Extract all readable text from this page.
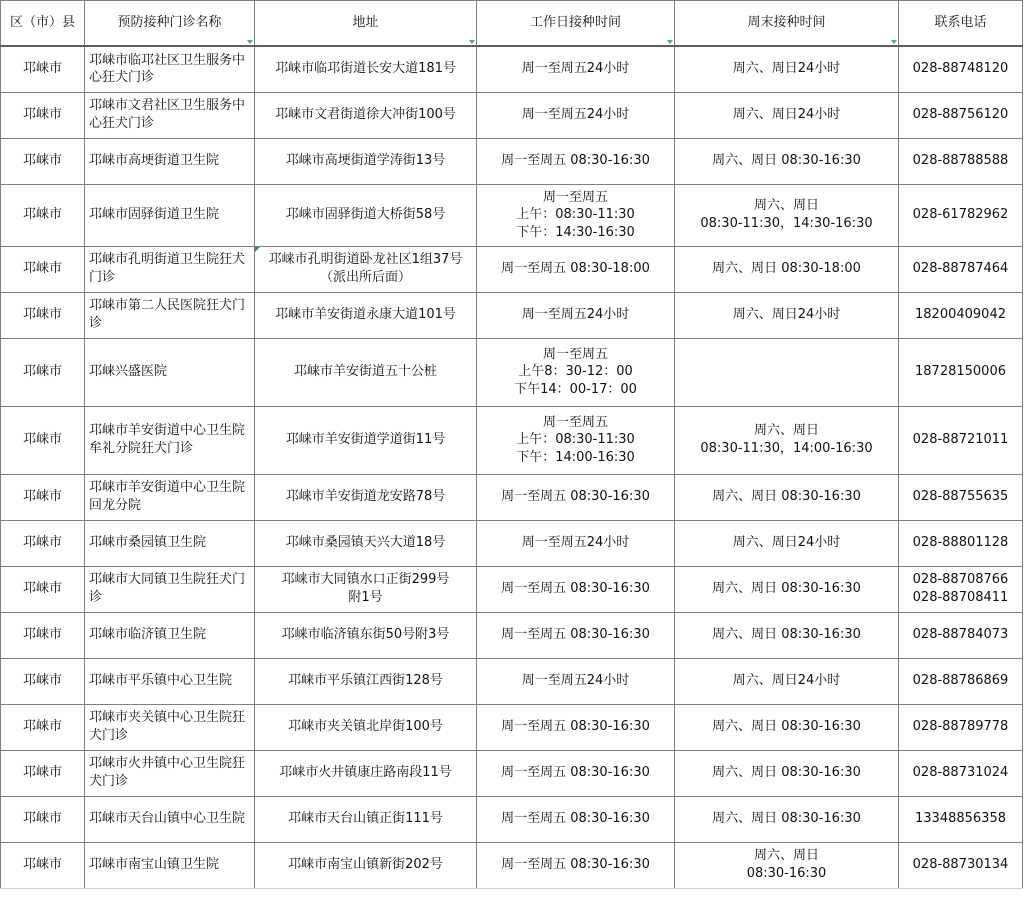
区（市）县	预防接种门诊名称	地址	工作日接种时间	周末接种时间	联系电话
邛崃市	邛崃市临邛社区卫生服务中心狂犬门诊	邛崃市临邛街道长安大道181号	周一至周五24小时	周六、周日24小时	028-88748120

邛崃市	邛崃市文君社区卫生服务中心狂犬门诊	邛崃市文君街道徐大冲街100号	周一至周五24小时	周六、周日24小时	028-88756120

邛崃市	邛崃市高埂街道卫生院	邛崃市高埂街道学涛街13号	周一至周五 08:30-16:30	周六、周日 08:30-16:30	028-88788588

邛崃市	邛崃市固驿街道卫生院	邛崃市固驿街道大桥街58号	周一至周五
上午：08:30-11:30
下午：14:30-16:30	周六、周日
08:30-11:30，14:30-16:30	028-61782962

邛崃市	邛崃市孔明街道卫生院狂犬门诊	邛崃市孔明街道卧龙社区1组37号
（派出所后面）	周一至周五 08:30-18:00	周六、周日 08:30-18:00	028-88787464

邛崃市	邛崃市第二人民医院狂犬门诊	邛崃市羊安街道永康大道101号	周一至周五24小时	周六、周日24小时	18200409042

邛崃市	邛崃兴盛医院	邛崃市羊安街道五十公桩	周一至周五
上午8：30-12：00
下午14：00-17：00		18728150006

邛崃市	邛崃市羊安街道中心卫生院牟礼分院狂犬门诊	邛崃市羊安街道学道街11号	周一至周五
上午：08:30-11:30
下午：14:00-16:30	周六、周日
08:30-11:30，14:00-16:30	028-88721011

邛崃市	邛崃市羊安街道中心卫生院回龙分院	邛崃市羊安街道龙安路78号	周一至周五 08:30-16:30	周六、周日 08:30-16:30	028-88755635

邛崃市	邛崃市桑园镇卫生院	邛崃市桑园镇天兴大道18号	周一至周五24小时	周六、周日24小时	028-88801128

邛崃市	邛崃市大同镇卫生院狂犬门诊	邛崃市大同镇水口正街299号
附1号	周一至周五 08:30-16:30	周六、周日 08:30-16:30	028-88708766
028-88708411

邛崃市	邛崃市临济镇卫生院	邛崃市临济镇东街50号附3号	周一至周五 08:30-16:30	周六、周日 08:30-16:30	028-88784073

邛崃市	邛崃市平乐镇中心卫生院	邛崃市平乐镇江西街128号	周一至周五24小时	周六、周日24小时	028-88786869

邛崃市	邛崃市夹关镇中心卫生院狂犬门诊	邛崃市夹关镇北岸街100号	周一至周五 08:30-16:30	周六、周日 08:30-16:30	028-88789778

邛崃市	邛崃市火井镇中心卫生院狂犬门诊	邛崃市火井镇康庄路南段11号	周一至周五 08:30-16:30	周六、周日 08:30-16:30	028-88731024

邛崃市	邛崃市天台山镇中心卫生院	邛崃市天台山镇正街111号	周一至周五 08:30-16:30	周六、周日 08:30-16:30	13348856358

邛崃市	邛崃市南宝山镇卫生院	邛崃市南宝山镇新街202号	周一至周五 08:30-16:30	周六、周日
08:30-16:30	028-88730134
